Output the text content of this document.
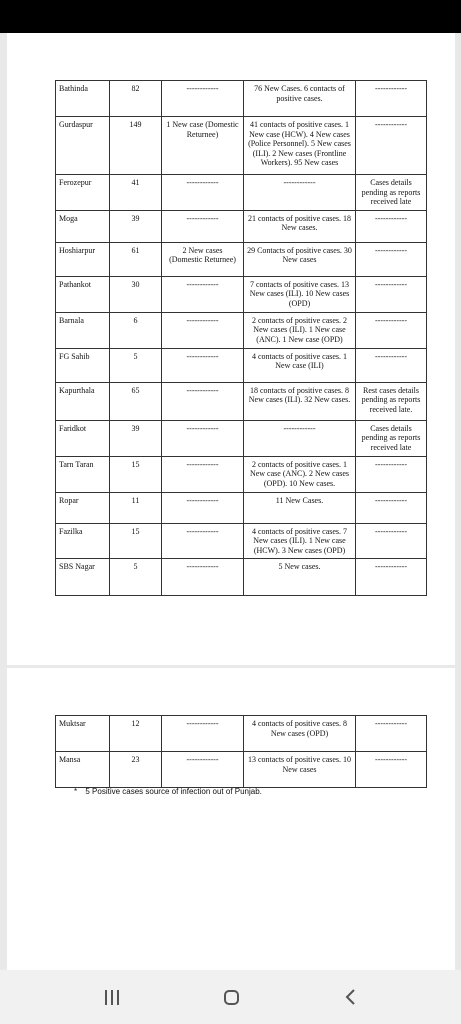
Bathinda	82	------------	76 New Cases. 6 contacts of positive cases.	------------
Gurdaspur	149	1 New case (Domestic Returnee)	41 contacts of positive cases. 1 New case (HCW). 4 New cases (Police Personnel). 5 New cases (ILI). 2 New cases (Frontline Workers). 95 New cases	------------
Ferozepur	41	------------	------------	Cases details pending as reports received late
Moga	39	------------	21 contacts of positive cases. 18 New cases.	------------
Hoshiarpur	61	2 New cases (Domestic Returnee)	29 Contacts of positive cases. 30 New cases	------------
Pathankot	30	------------	7 contacts of positive cases. 13 New cases (ILI). 10 New cases (OPD)	------------
Barnala	6	------------	2 contacts of positive cases. 2 New cases (ILI). 1 New case (ANC). 1 New case (OPD)	------------
FG Sahib	5	------------	4 contacts of positive cases. 1 New case (ILI)	------------
Kapurthala	65	------------	18 contacts of positive cases. 8 New cases (ILI). 32 New cases.	Rest cases details pending as reports received late.
Faridkot	39	------------	------------	Cases details pending as reports received late
Tarn Taran	15	------------	2 contacts of positive cases. 1 New case (ANC). 2 New cases (OPD). 10 New cases.	------------
Ropar	11	------------	11 New Cases.	------------
Fazilka	15	------------	4 contacts of positive cases. 7 New cases (ILI). 1 New case (HCW). 3 New cases (OPD)	------------
SBS Nagar	5	------------	5 New cases.	------------
Muktsar	12	------------	4 contacts of positive cases. 8 New cases (OPD)	------------
Mansa	23	------------	13 contacts of positive cases. 10 New cases	------------
* 5 Positive cases source of infection out of Punjab.
